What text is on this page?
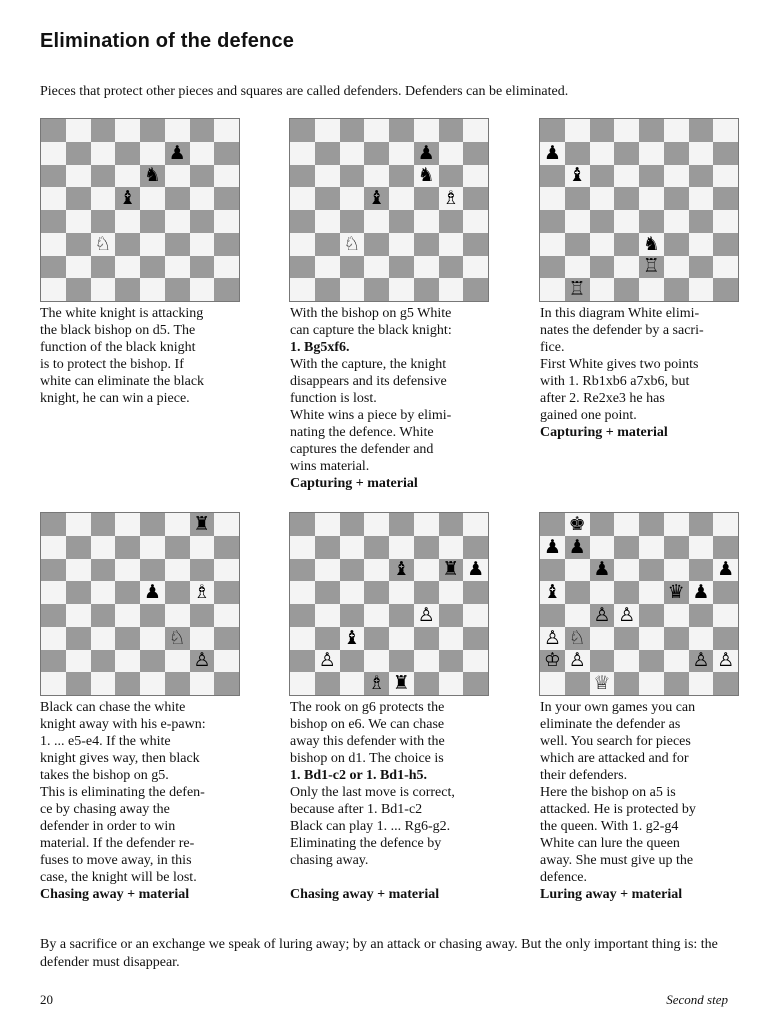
Elimination of the defence
Pieces that protect other pieces and squares are called defenders. Defenders can be eliminated.
♟
♞
♝
♘
♟
♞
♝	♗
♘
♟
♝
♞
♖
♖
♜
♟ ♗
♘
♙
♝ ♜ ♟
♙
♝
♙
♗ ♜
♚
♟ ♟
♟	♟
♝	♛ ♟
♙ ♙
♙ ♘
♔ ♙	♙ ♙
♕

The white knight is attacking

the black bishop on d5. The

function of the black knight

is to protect the bishop. If

white can eliminate the black

knight, he can win a piece.

With the bishop on g5 White

can capture the black knight:

1. Bg5xf6.

With the capture, the knight

disappears and its defensive

function is lost.

White wins a piece by elimi-

nating the defence. White

captures the defender and

wins material.

Capturing + material

In this diagram White elimi-

nates the defender by a sacri-

fice.

First White gives two points

with 1. Rb1xb6 a7xb6, but

after 2. Re2xe3 he has

gained one point.

Capturing + material

Black can chase the white

knight away with his e-pawn:

1. ... e5-e4. If the white

knight gives way, then black

takes the bishop on g5.

This is eliminating the defen-

ce by chasing away the

defender in order to win

material. If the defender re-

fuses to move away, in this

case, the knight will be lost.

Chasing away + material

The rook on g6 protects the

bishop on e6. We can chase

away this defender with the

bishop on d1. The choice is

1. Bd1-c2 or 1. Bd1-h5.

Only the last move is correct,

because after 1. Bd1-c2

Black can play 1. ... Rg6-g2.

Eliminating the defence by

chasing away.

Chasing away + material

In your own games you can

eliminate the defender as

well. You search for pieces

which are attacked and for

their defenders.

Here the bishop on a5 is

attacked. He is protected by

the queen. With 1. g2-g4

White can lure the queen

away. She must give up the

defence.

Luring away + material

By a sacrifice or an exchange we speak of luring away; by an attack or chasing away. But the only important thing is: the defender must disappear.
20	Second step
